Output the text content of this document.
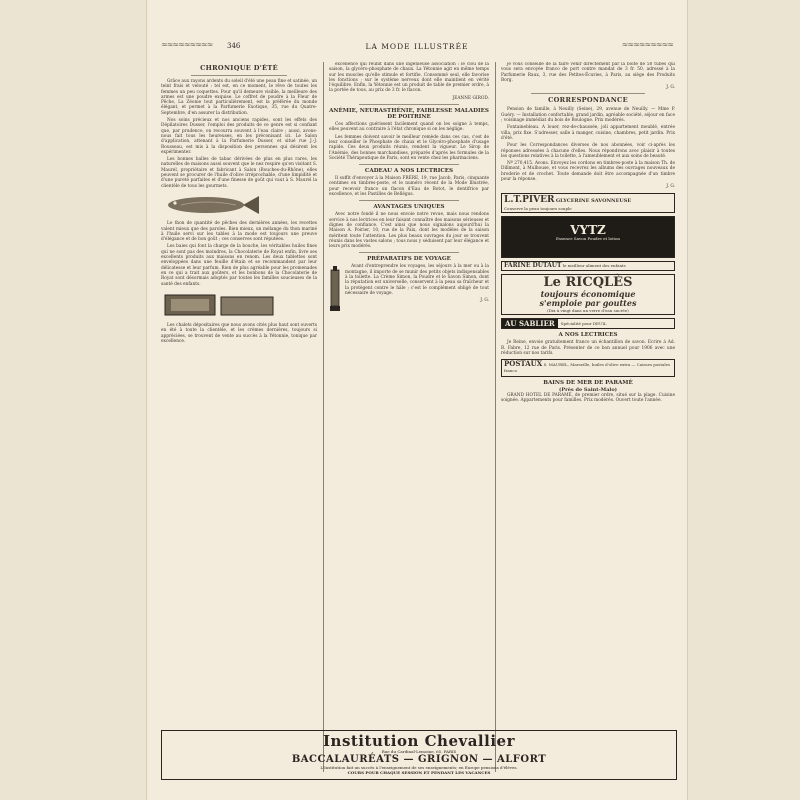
≈≈≈≈≈≈≈≈≈	≈≈≈≈≈≈≈≈≈
LA MODE ILLUSTRÉE
346
CHRONIQUE D'ÉTÉ

Grâce aux rayons ardents du soleil d'été une peau fine et satinée, un teint frais et velouté : tel est, en ce moment, le rêve de toutes les femmes un peu coquettes. Pour qu'il demeure visible, la meilleure des armes est une poudre exquise. Le coffret de poudre à la Fleur de Pêche, La Zéonie tout particulièrement, est la préférée du monde élégant, et permet à la Parfumerie Exotique, 35, rue du Quatre-Septembre, d'en assurer la distribution.

Nos soins précieux et nos anciens rapides, sont les effets des Dépilatoires Dusser, l'emploi des produits de ce genre est si confiant que, par prudence, on recourra souvent à l'eau claire ; aussi, avons-nous fait tous les heureuses, en les préconisant ici. Le Salon d'application, attenant à la Parfumerie Dusser, et situé rue J.-J. Rousseau, est mis à la disposition des personnes qui désirent les expérimenter.

Les bonnes balles de tabac dérivées de plus en plus rares, les naturelles de maisons aussi souvent que le nez respire qu'en visitant S. Maurel, propriétaire et fabricant à Salon (Bouches-du-Rhône), elles peuvent se procurer de l'huile d'olive irréprochable, d'une limpidité et d'une pureté parfaites et d'une finesse de goût qui vaut à S. Maurel la clientèle de tous les gourmets.

Le thon de quantité de pêches des dernières années, les recettes valent mieux que des paroles. Bien mieux, un mélange du thon mariné à l'huile servi sur les tables à la mode est toujours une preuve d'élégance et de bon goût ; ces conserves sont réputées.

Les baies qui font la charge de la bouche, les véritables huiles fines qui ne sont pas des moindres, la Chocolaterie de Royat enfin, livre ses excellents produits aux maisons en renom. Les deux tablettes sont enveloppées dans une feuille d'étain et se recommandent par leur délicatesse et leur parfum. Rien de plus agréable pour les promenades en ce qui a trait aux goûters, et les bonbons de la Chocolaterie de Royat sont désormais adoptés par toutes les familles soucieuses de la santé des enfants.

Les chalets dépositaires que nous avons cités plus haut sont ouverts en été à toute la clientèle, et les crèmes dernières, toujours si appréciées, se trouvent de vente au succès à la Yétonnie, tonique par excellence.

excellence qui réunit dans une ingénieuse association : le clou de la saison, la glycéro-phosphate de chaux. La Yétonnie agit en même temps sur les muscles qu'elle stimule et fortifie. Consommé seul, elle favorise les fonctions ; sur le système nerveux dont elle maintient en vérité l'équilibre. Enfin, la Yétonnie est un produit de table de premier ordre, à la portée de tous, au prix de 3 fr. le flacon.

JEANNE GIROD.
ANÉMIE, NEURASTHÉNIE, FAIBLESSE MALADIES DE POITRINE

Ces affections guérissent facilement quand on les soigne à temps, elles peuvent au contraire à l'état chronique si on les néglige.

Les femmes doivent savoir le meilleur remède dans ces cas, c'est de leur conseiller le Phosphate de chaux et le Glycéro-phosphate d'usage rapide. Ces deux produits réunis, rendent la vigueur. Le Sirop de l'Anémie, des bonnes marchandises, préparés d'après les formules de la Société Thérapeutique de Paris, sont en vente chez les pharmaciens.

CADEAU A NOS LECTRICES

Il suffit d'envoyer à la Maison FRÈRE, 19, rue Jacob, Paris, cinquante centimes en timbres-poste, et le numéro récent de la Mode Illustrée, pour recevoir franco un flacon d'Eau de Botot, le dentifrice par excellence, et les Pastilles de Bellégus.

AVANTAGES UNIQUES

Avec notre fondé il ne nous envoie notre revue, mais nous rendons service à nos lectrices en leur faisant connaître des maisons sérieuses et dignes de confiance. C'est ainsi que nous signalons aujourd'hui la Maison A. Poirier, 10, rue de la Paix, dont les modèles de la saison méritent toute l'attention. Les plus beaux ouvrages du jour se trouvent réunis dans les vastes salons ; tous nous y séduisent par leur élégance et leurs prix modérés.

PRÉPARATIFS DE VOYAGE

Avant d'entreprendre les voyages, les séjours à la mer ou à la montagne, il importe de se munir des petits objets indispensables à la toilette. La Crème Simon, la Poudre et le Savon Simon, dont la réputation est universelle, conservent à la peau sa fraîcheur et la protègent contre le hâle ; c'est le complément obligé de tout nécessaire de voyage.

J. G.

je vous conseille de la faire venir directement par la boîte de 50 tubes qui vous sera envoyée franco de port contre mandat de 3 fr. 50, adressé à la Parfumerie Raux, 3, rue des Petites-Écuries, à Paris, au siège des Produits Borg.

J. G.
CORRESPONDANCE

Pension de famille, à Neuilly (Seine), 29, avenue de Neuilly. — Mme P. Guéry. — Installation confortable, grand jardin, agréable société, séjour en face ; voisinage immédiat du bois de Boulogne. Prix modérés.

Fontainebleau. A louer, rez-de-chaussée, joli appartement meublé, entrée villa, prix fixe. S'adresser, salle à manger, cuisine, chambres, petit jardin. Prix d'été.

Pour les Correspondances diverses de nos abonnées, voir ci-après les réponses adressées à chacune d'elles. Nous répondrons avec plaisir à toutes les questions relatives à la toilette, à l'ameublement et aux soins de beauté.

Nº 270,415. Avons. Envoyez les cordons en timbres-poste à la maison Th. de Dillmont, à Mulhouse, et vous recevrez les albums des ouvrages nouveaux de broderie et de crochet. Toute demande doit être accompagnée d'un timbre pour la réponse.

J. G.
L.T.PIVER GLYCERINE SAVONNEUSE
Conserve la peau toujours souple
VYTZ
Essence Savon Poudre et lotion
FARINE DUTAUT le meilleur aliment des enfants
Le RICQLÈS
toujours économique
s'emploie par gouttes
(Dix à vingt dans un verre d'eau sucrée)
AU SABLIER	Spécialité pour DEUIL
A NOS LECTRICES

Je Reine, envoie gratuitement franco un échantillon de savon. Ecrire à Ad. R. Fabre, 12 rue de Paris. Présenter de ce bon annuel pour 1906 avec une réduction sur nos tarifs.

POSTAUX S. MAUREL, Marseille, huiles d'olive extra — Caisses postales franco
BAINS DE MER DE PARAMÉ
(Près de Saint-Malo)

GRAND HOTEL DE PARAMÉ, de premier ordre, situé sur la plage. Cuisine soignée. Appartements pour familles. Prix modérés. Ouvert toute l'année.

Institution Chevallier
Rue du Cardinal-Lemoine, 65, PARIS
BACCALAURÉATS — GRIGNON — ALFORT
L'Institution fait un succès à l'enseignement de ses enseignements; en Europe pensions d'élèves.
COURS POUR CHAQUE SESSION ET PENDANT LES VACANCES
